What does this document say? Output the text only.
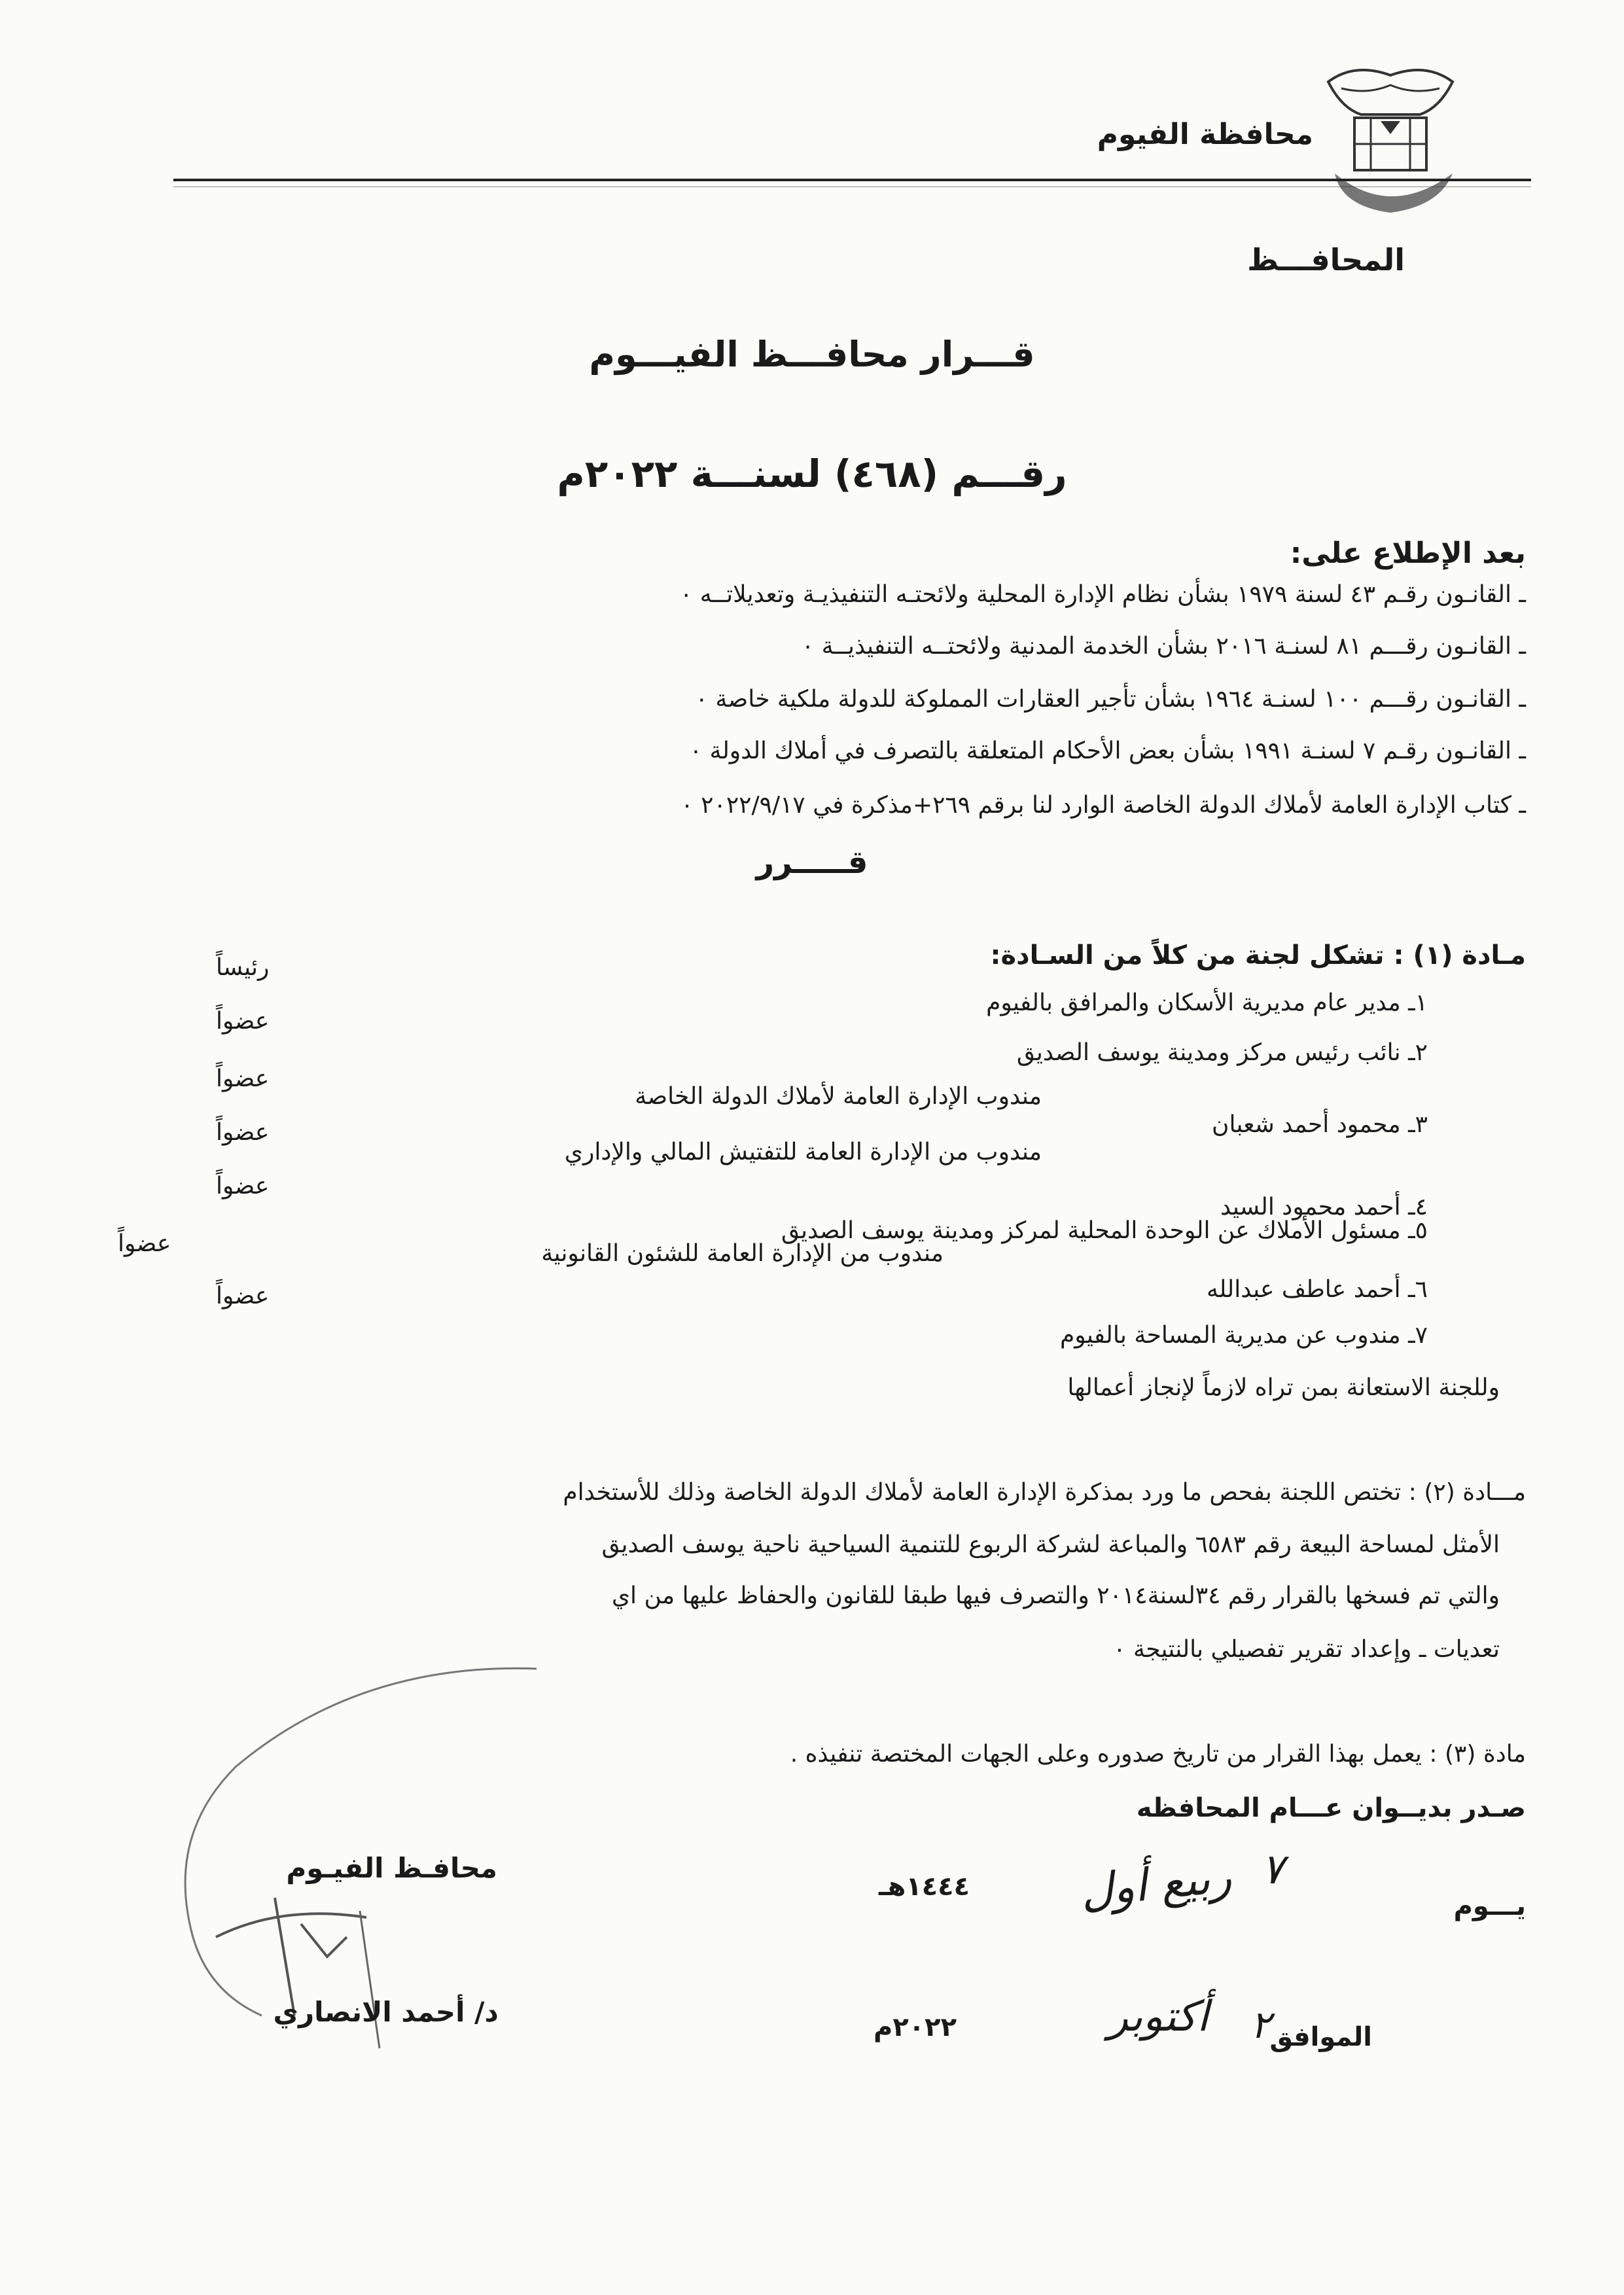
محافظة الفيوم
المحافـــظ
قـــرار محافـــظ الفيـــوم
رقـــم (٤٦٨) لسنـــة ٢٠٢٢م
بعد الإطلاع على:
ـ القانـون رقـم ٤٣ لسنة ١٩٧٩ بشأن نظام الإدارة المحلية ولائحتـه التنفيذيـة وتعديلاتــه ٠
ـ القانـون رقـــم ٨١ لسنـة ٢٠١٦ بشأن الخدمة المدنية ولائحتــه التنفيذيــة ٠
ـ القانـون رقـــم ١٠٠ لسنـة ١٩٦٤ بشأن تأجير العقارات المملوكة للدولة ملكية خاصة ٠
ـ القانـون رقـم ٧ لسنـة ١٩٩١ بشأن بعض الأحكام المتعلقة بالتصرف في أملاك الدولة ٠
ـ كتاب الإدارة العامة لأملاك الدولة الخاصة الوارد لنا برقم ٢٦٩+مذكرة في ٢٠٢٢/٩/١٧ ٠
قـــــرر
مـادة (١) : تشكل لجنة من كلاً من السـادة:
١ـ مدير عام مديرية الأسكان والمرافق بالفيوم
٢ـ نائب رئيس مركز ومدينة يوسف الصديق
٣ـ محمود أحمد شعبان
٤ـ أحمد محمود السيد
٥ـ مسئول الأملاك عن الوحدة المحلية لمركز ومدينة يوسف الصديق
٦ـ أحمد عاطف عبدالله
٧ـ مندوب عن مديرية المساحة بالفيوم
مندوب الإدارة العامة لأملاك الدولة الخاصة
مندوب من الإدارة العامة للتفتيش المالي والإداري
مندوب من الإدارة العامة للشئون القانونية
رئيساً
عضواً
عضواً
عضواً
عضواً
عضواً
عضواً
وللجنة الاستعانة بمن تراه لازماً لإنجاز أعمالها
مـــادة (٢) : تختص اللجنة بفحص ما ورد بمذكرة الإدارة العامة لأملاك الدولة الخاصة وذلك للأستخدام
الأمثل لمساحة البيعة رقم ٦٥٨٣ والمباعة لشركة الربوع للتنمية السياحية ناحية يوسف الصديق
والتي تم فسخها بالقرار رقم ٣٤لسنة٢٠١٤ والتصرف فيها طبقا للقانون والحفاظ عليها من اي
تعديات ـ وإعداد تقرير تفصيلي بالنتيجة ٠
مادة (٣) : يعمل بهذا القرار من تاريخ صدوره وعلى الجهات المختصة تنفيذه .
صـدر بديــوان عـــام المحافظه
يـــوم
٧
ربيع أول
١٤٤٤هـ
الموافق
٢
أكتوبر
٢٠٢٢م
محافـظ الفيـوم
د/ أحمد الانصاري
